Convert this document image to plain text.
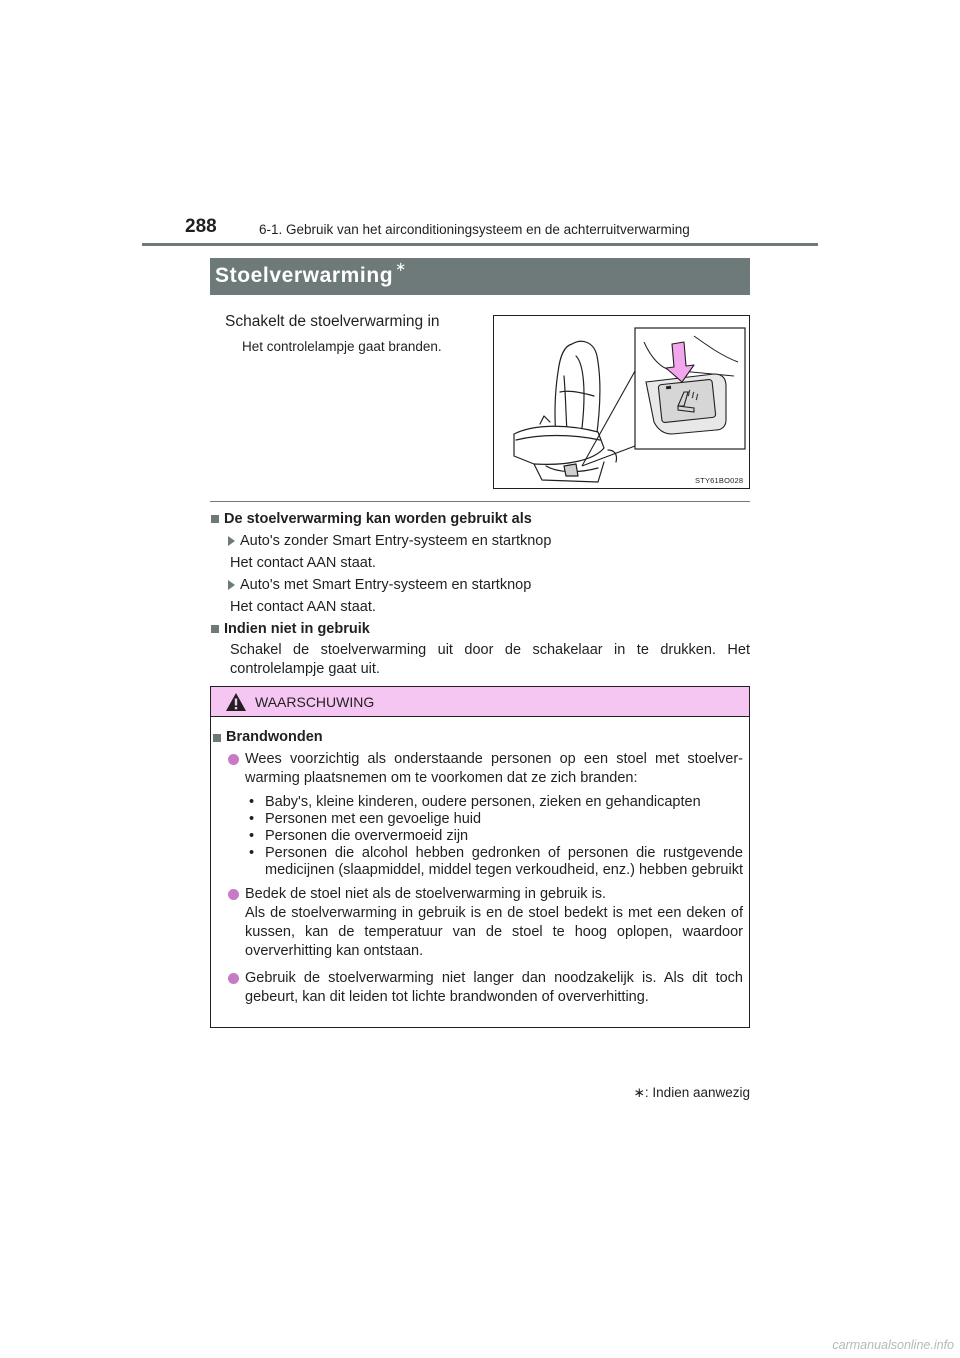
288	6-1. Gebruik van het airconditioningsysteem en de achterruitverwarming
Stoelverwarming ∗
Schakelt de stoelverwarming in
Het controlelampje gaat branden.
STY61BO028
De stoelverwarming kan worden gebruikt als
Auto's zonder Smart Entry-systeem en startknop
Het contact AAN staat.
Auto's met Smart Entry-systeem en startknop
Het contact AAN staat.
Indien niet in gebruik
Schakel de stoelverwarming uit door de schakelaar in te drukken. Het controlelampje gaat uit.
WAARSCHUWING
Brandwonden
Wees voorzichtig als onderstaande personen op een stoel met stoelver-warming plaatsnemen om te voorkomen dat ze zich branden:
• Baby's, kleine kinderen, oudere personen, zieken en gehandicapten
• Personen met een gevoelige huid
• Personen die oververmoeid zijn
• Personen die alcohol hebben gedronken of personen die rustgevende medicijnen (slaapmiddel, middel tegen verkoudheid, enz.) hebben gebruikt
Bedek de stoel niet als de stoelverwarming in gebruik is.
Als de stoelverwarming in gebruik is en de stoel bedekt is met een deken of kussen, kan de temperatuur van de stoel te hoog oplopen, waardoor oververhitting kan ontstaan.
Gebruik de stoelverwarming niet langer dan noodzakelijk is. Als dit toch gebeurt, kan dit leiden tot lichte brandwonden of oververhitting.
∗: Indien aanwezig
carmanualsonline.info
